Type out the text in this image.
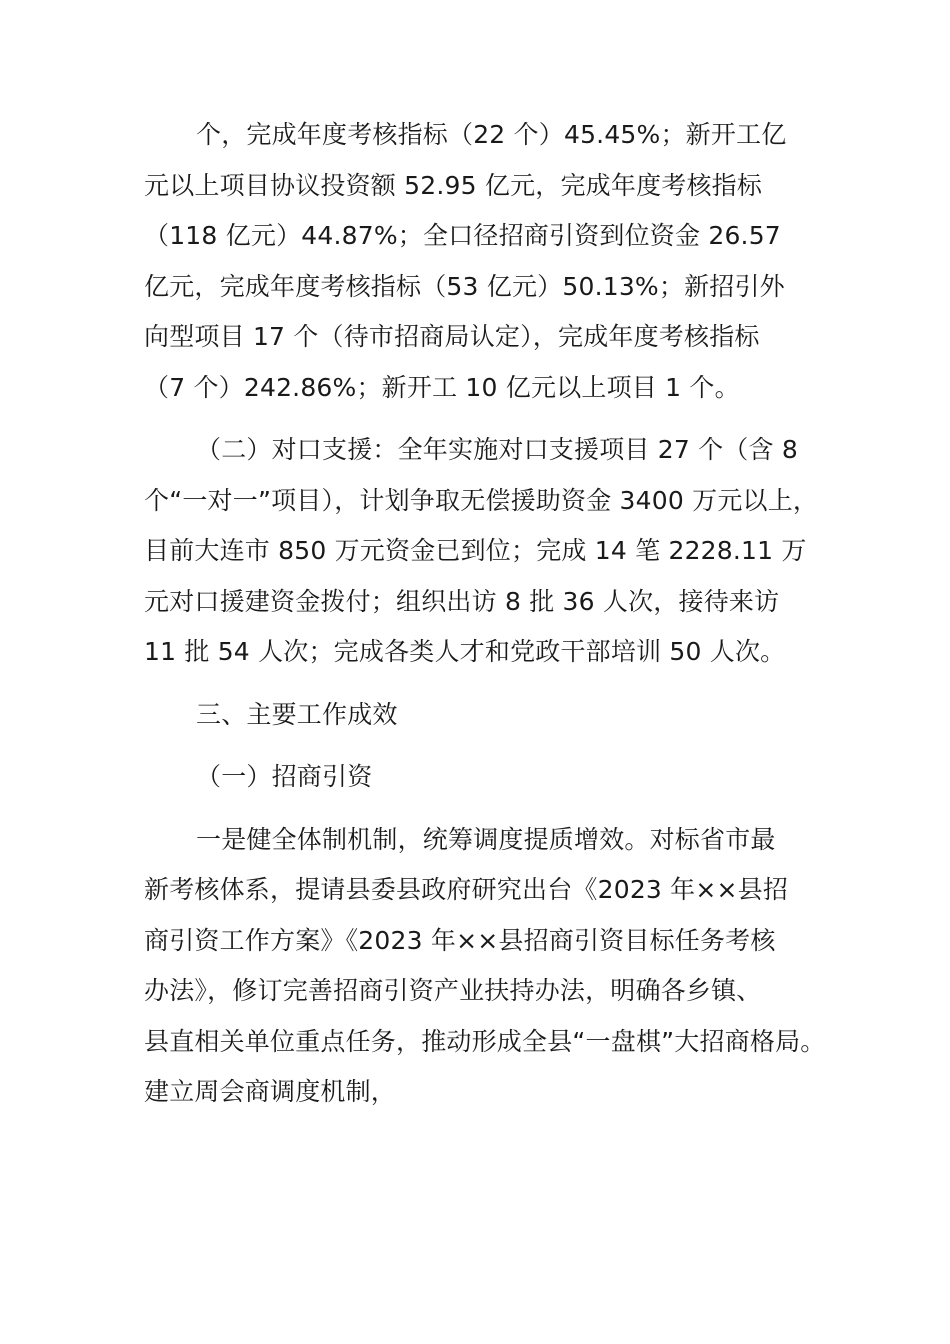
个，完成年度考核指标（22 个）45.45%；新开工亿
元以上项目协议投资额 52.95 亿元，完成年度考核指标
（118 亿元）44.87%；全口径招商引资到位资金 26.57
亿元，完成年度考核指标（53 亿元）50.13%；新招引外
向型项目 17 个（待市招商局认定），完成年度考核指标
（7 个）242.86%；新开工 10 亿元以上项目 1 个。
（二）对口支援：全年实施对口支援项目 27 个（含 8
个“一对一”项目），计划争取无偿援助资金 3400 万元以上，
目前大连市 850 万元资金已到位；完成 14 笔 2228.11 万
元对口援建资金拨付；组织出访 8 批 36 人次，接待来访
11 批 54 人次；完成各类人才和党政干部培训 50 人次。
三、主要工作成效
（一）招商引资
一是健全体制机制，统筹调度提质增效。对标省市最
新考核体系，提请县委县政府研究出台《2023 年××县招
商引资工作方案》《2023 年××县招商引资目标任务考核
办法》，修订完善招商引资产业扶持办法，明确各乡镇、
县直相关单位重点任务，推动形成全县“一盘棋”大招商格局。
建立周会商调度机制，
